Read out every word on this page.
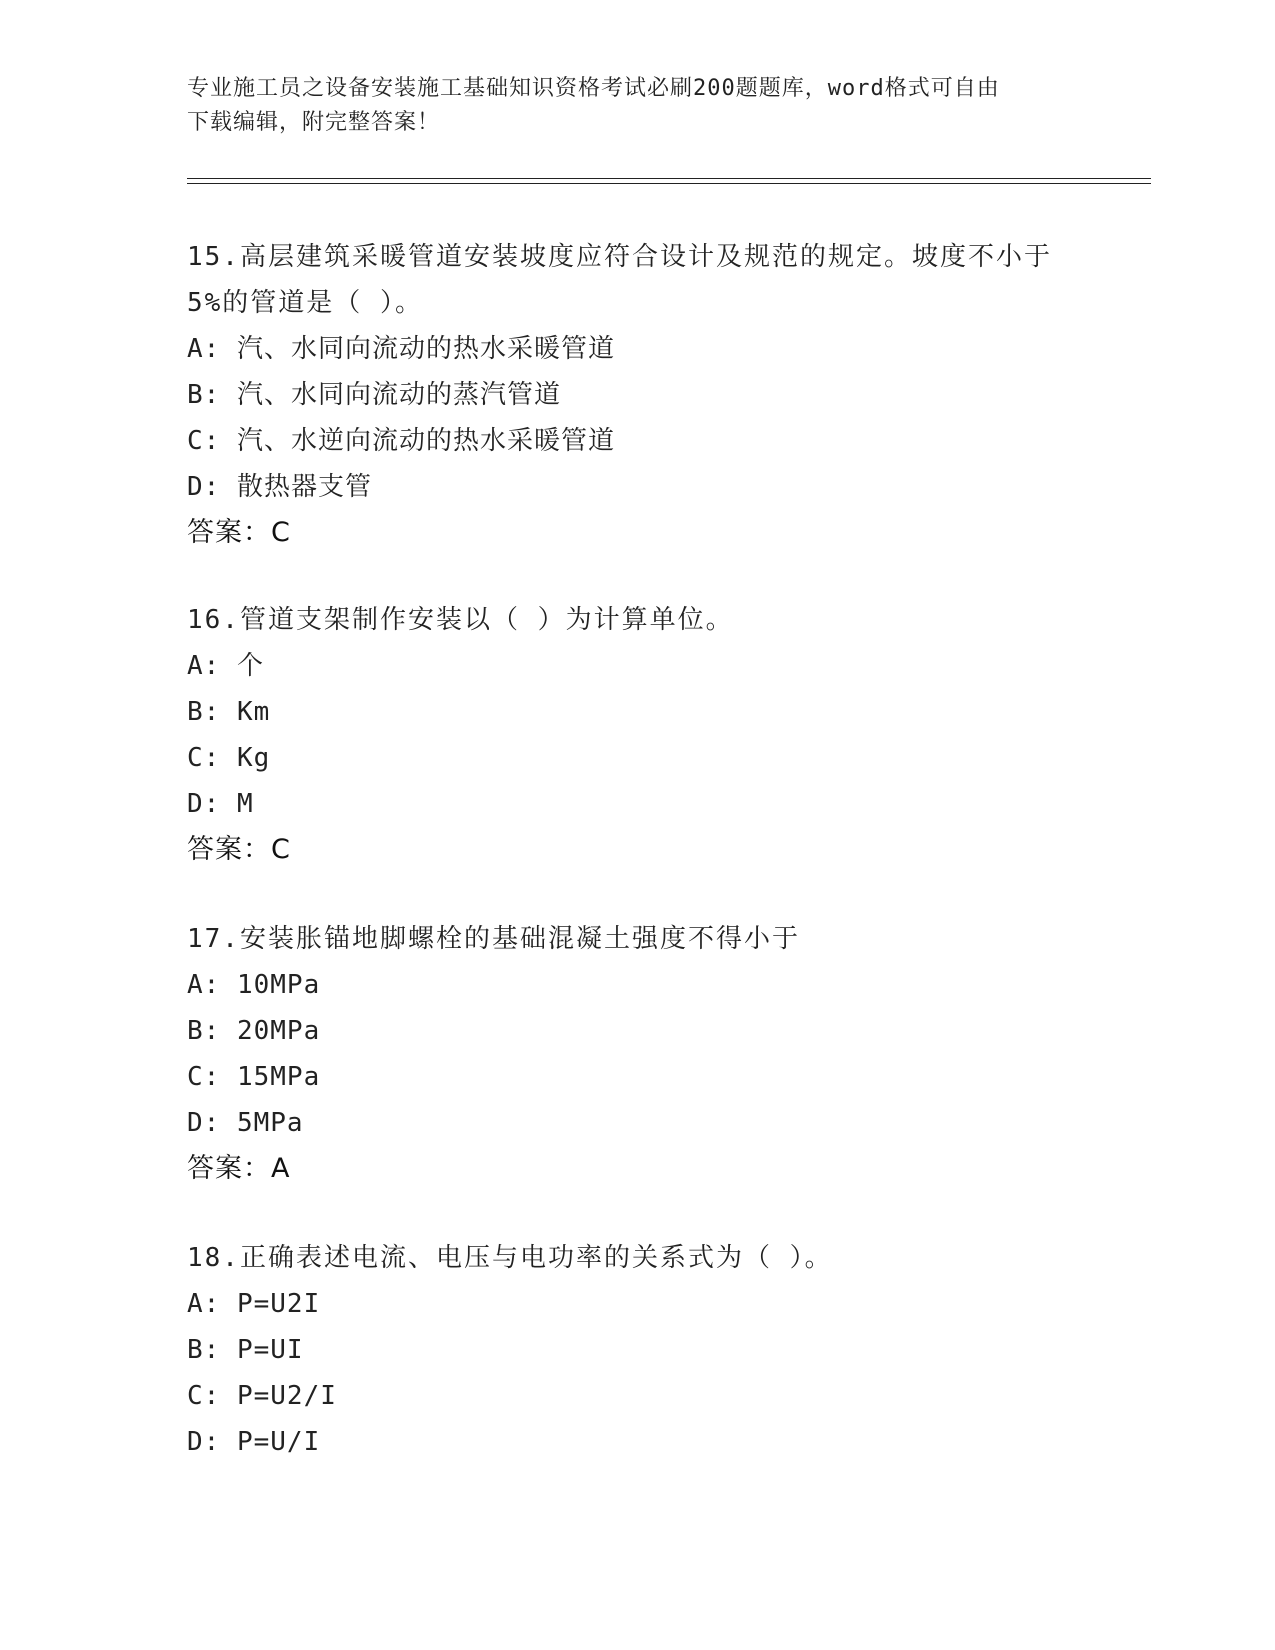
专业施工员之设备安装施工基础知识资格考试必刷200题题库，word格式可自由
下载编辑，附完整答案！

15.高层建筑采暖管道安装坡度应符合设计及规范的规定。坡度不小于

5%的管道是（ ）。

A: 汽、水同向流动的热水采暖管道

B: 汽、水同向流动的蒸汽管道

C: 汽、水逆向流动的热水采暖管道

D: 散热器支管

答案：C

16.管道支架制作安装以（ ）为计算单位。

A: 个

B: Km

C: Kg

D: M

答案：C

17.安装胀锚地脚螺栓的基础混凝土强度不得小于

A: 10MPa

B: 20MPa

C: 15MPa

D: 5MPa

答案：A

18.正确表述电流、电压与电功率的关系式为（ ）。

A: P=U2I

B: P=UI

C: P=U2/I

D: P=U/I
